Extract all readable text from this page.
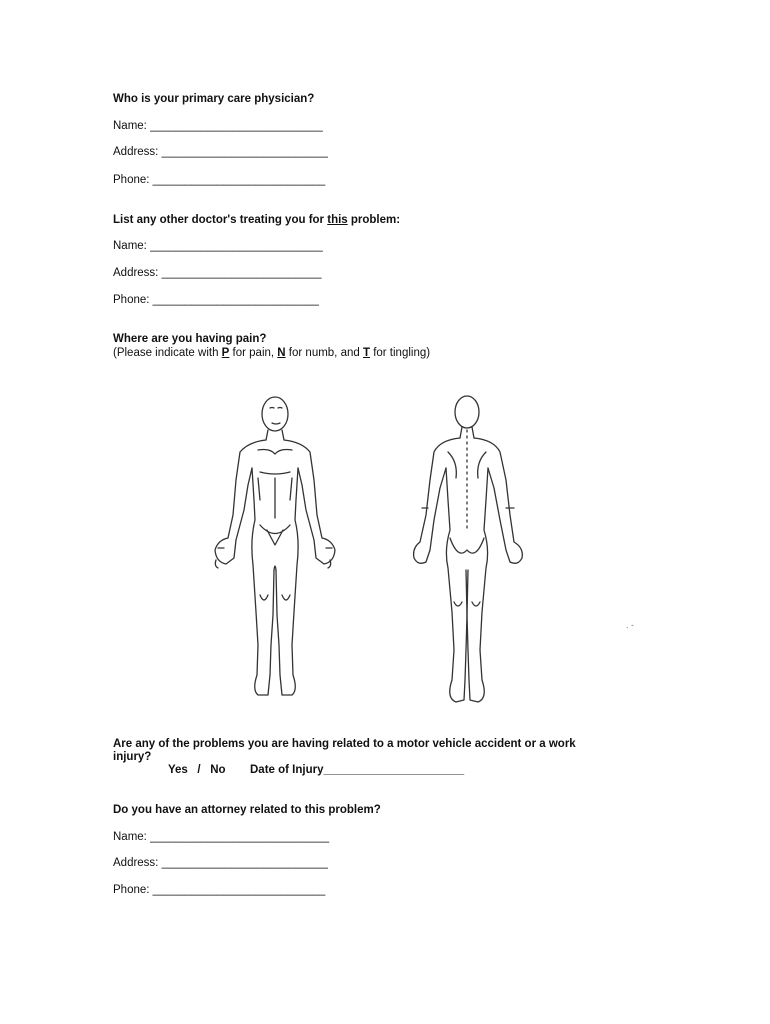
Who is your primary care physician?
Name: ___________________________
Address: __________________________
Phone: ___________________________
List any other doctor's treating you for this problem:
Name: ___________________________
Address: _________________________
Phone: __________________________
Where are you having pain?
(Please indicate with P for pain, N for numb, and T for tingling)
. -
Are any of the problems you are having related to a motor vehicle accident or a work
injury?
Yes   /   No Date of Injury______________________
Do you have an attorney related to this problem?
Name: ____________________________
Address: __________________________
Phone: ___________________________
